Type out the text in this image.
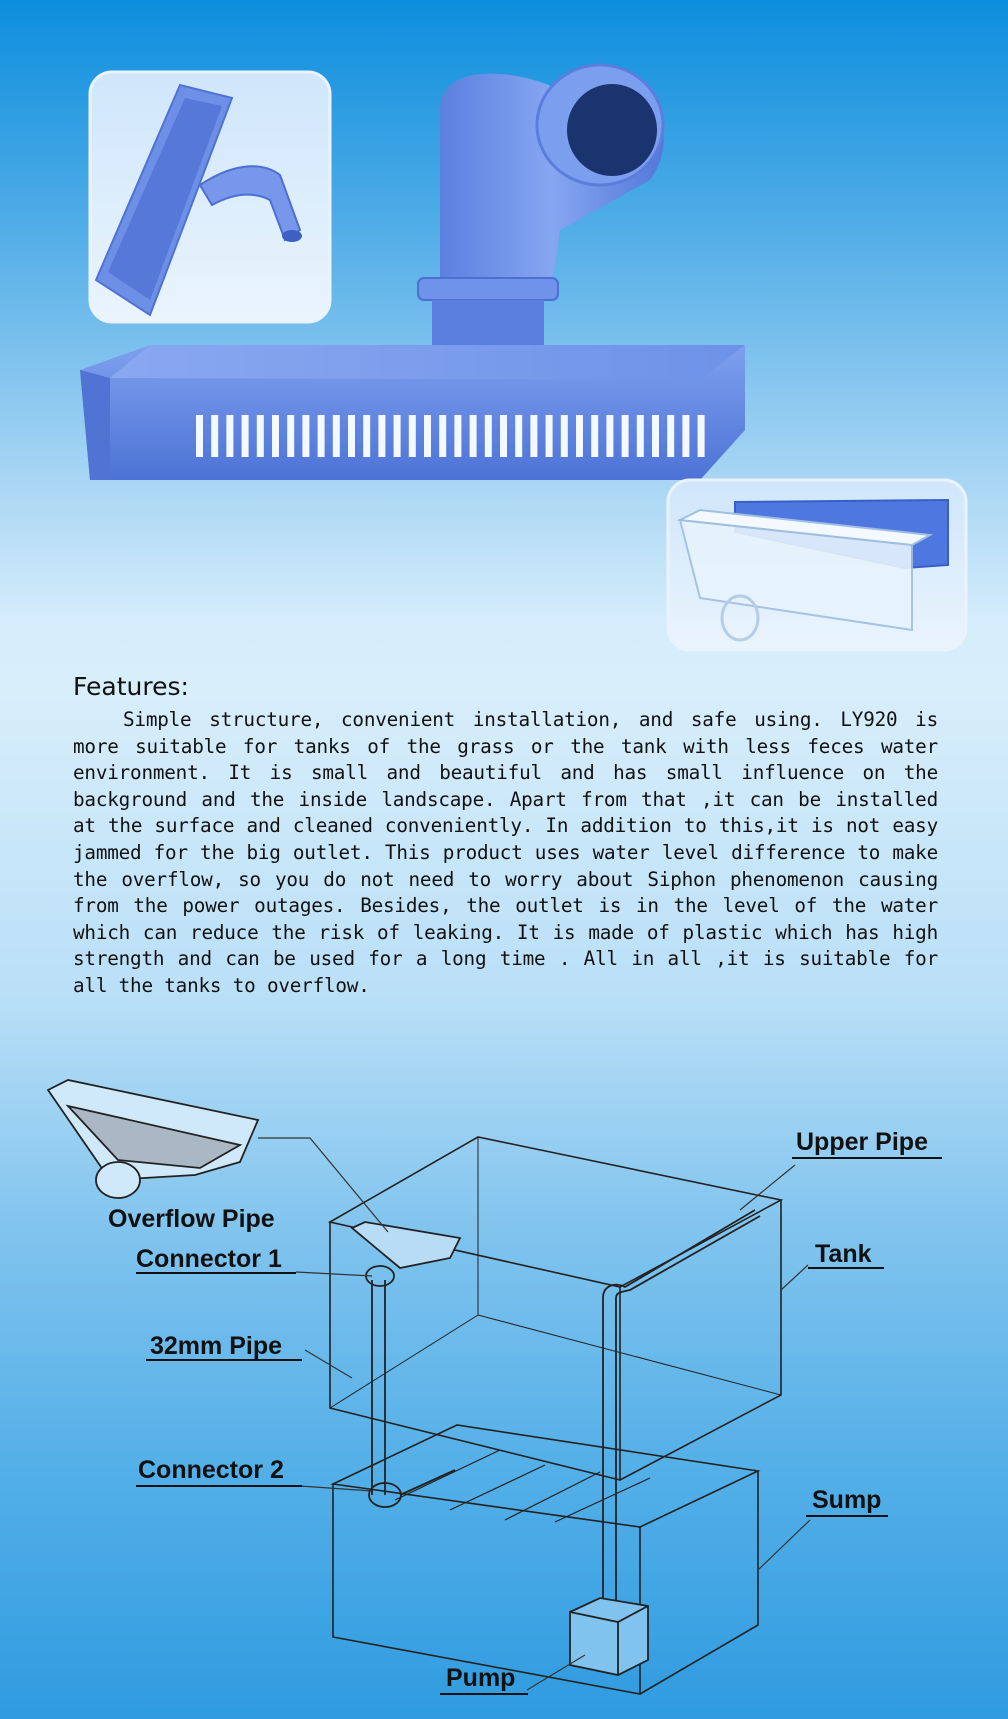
Features:

Simple structure, convenient installation, and safe using. LY920 is more suitable for tanks of the grass or the tank with less feces water environment. It is small and beautiful and has small influence on the background and the inside landscape. Apart from that ,it can be installed at the surface and cleaned conveniently. In addition to this,it is not easy jammed for the big outlet. This product uses water level difference to make the overflow, so you do not need to worry about Siphon phenomenon causing from the power outages. Besides, the outlet is in the level of the water which can reduce the risk of leaking. It is made of plastic which has high strength and can be used for a long time . All in all ,it is suitable for all the tanks to overflow.

Overflow Pipe
Connector 1
32mm Pipe
Connector 2
Upper Pipe
Tank
Sump
Pump
